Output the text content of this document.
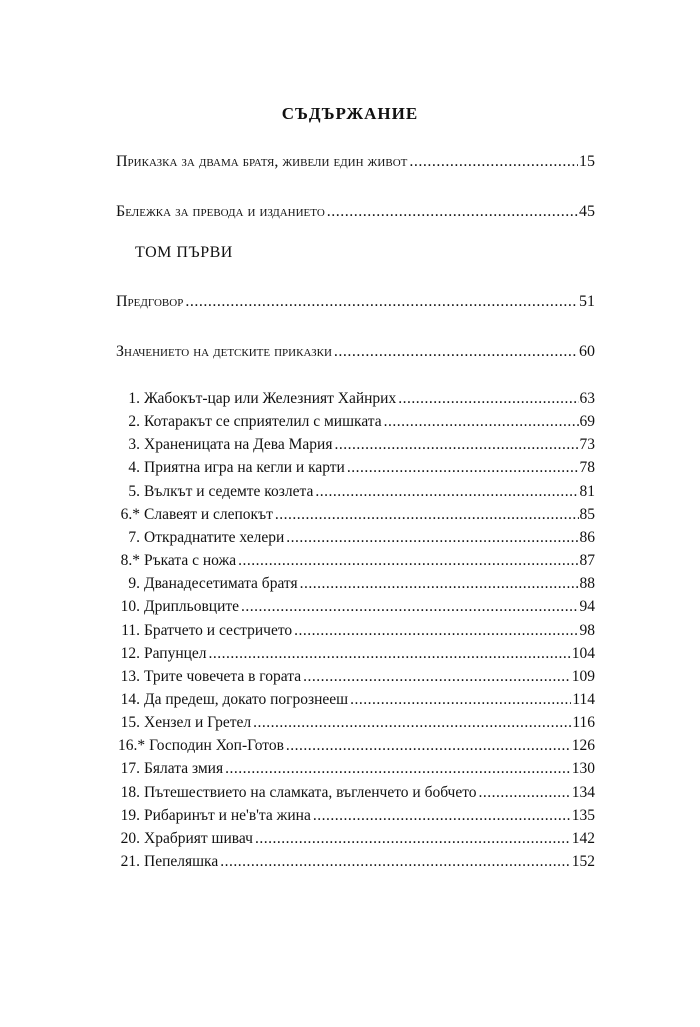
СЪДЪРЖАНИЕ
Приказка за двама братя, живели един живот .....	15
Бележка за превода и изданието .....	45
ТОМ ПЪРВИ
Предговор .....	51
Значението на детските приказки .....	60
1. Жабокът-цар или Железният Хайнрих .....	63
2. Котаракът се сприятелил с мишката .....	69
3. Храненицата на Дева Мария .....	73
4. Приятна игра на кегли и карти .....	78
5. Вълкът и седемте козлета .....	81
6.* Славеят и слепокът .....	85
7. Откраднатите хелери .....	86
8.* Ръката с ножа .....	87
9. Дванадесетимата братя .....	88
10. Дрипльовците .....	94
11. Братчето и сестричето .....	98
12. Рапунцел .....	104
13. Трите човечета в гората .....	109
14. Да предеш, докато погрознееш .....	114
15. Хензел и Гретел .....	116
16.* Господин Хоп-Готов .....	126
17. Бялата змия .....	130
18. Пътешествието на сламката, въгленчето и бобчето .....	134
19. Рибаринът и не'в'та жина .....	135
20. Храбрият шивач .....	142
21. Пепеляшка .....	152
